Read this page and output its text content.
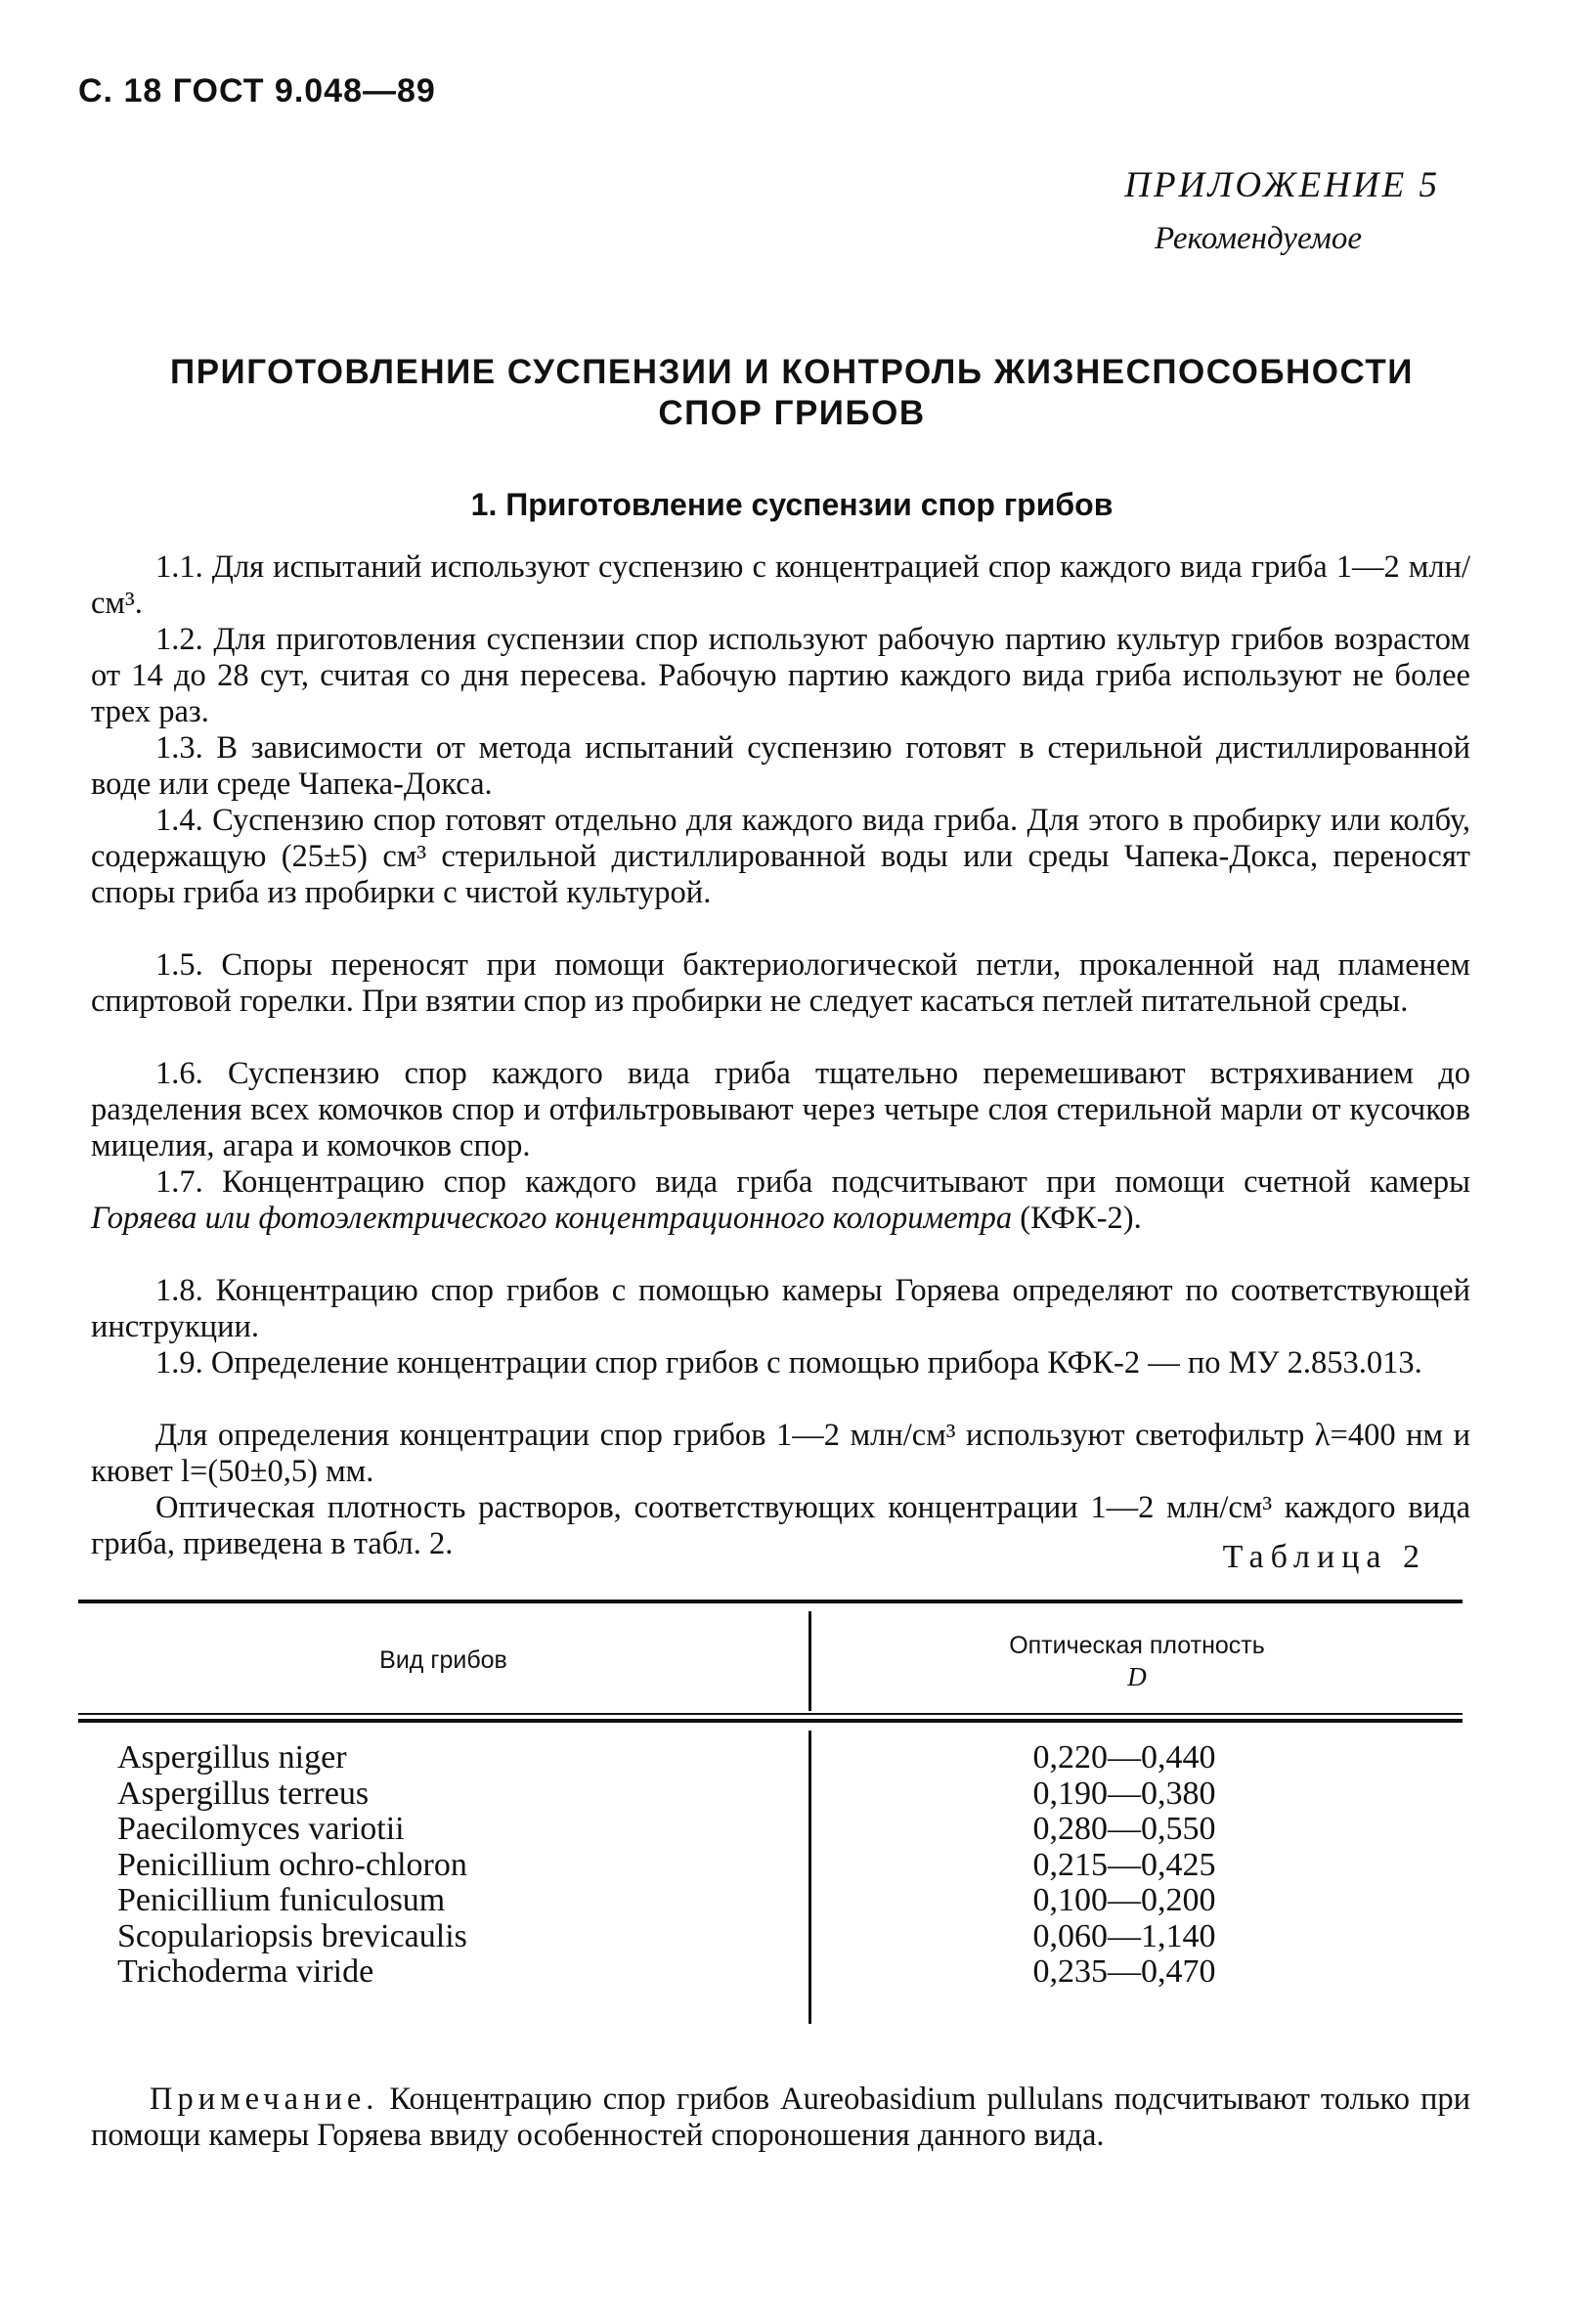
С. 18 ГОСТ 9.048—89
ПРИЛОЖЕНИЕ 5
Рекомендуемое
ПРИГОТОВЛЕНИЕ СУСПЕНЗИИ И КОНТРОЛЬ ЖИЗНЕСПОСОБНОСТИ
СПОР ГРИБОВ
1. Приготовление суспензии спор грибов
1.1. Для испытаний используют суспензию с концентрацией спор каждого вида гриба 1—2 млн/см³.
1.2. Для приготовления суспензии спор используют рабочую партию культур грибов возрастом от 14 до 28 сут, считая со дня пересева. Рабочую партию каждого вида гриба используют не более трех раз.
1.3. В зависимости от метода испытаний суспензию готовят в стерильной дистиллированной воде или среде Чапека-Докса.
1.4. Суспензию спор готовят отдельно для каждого вида гриба. Для этого в пробирку или колбу, содержащую (25±5) см³ стерильной дистиллированной воды или среды Чапека-Докса, переносят споры гриба из пробирки с чистой культурой.
1.5. Споры переносят при помощи бактериологической петли, прокаленной над пламенем спиртовой горелки. При взятии спор из пробирки не следует касаться петлей питательной среды.
1.6. Суспензию спор каждого вида гриба тщательно перемешивают встряхиванием до разделения всех комочков спор и отфильтровывают через четыре слоя стерильной марли от кусочков мицелия, агара и комочков спор.
1.7. Концентрацию спор каждого вида гриба подсчитывают при помощи счетной камеры Горяева или фотоэлектрического концентрационного колориметра (КФК-2).
1.8. Концентрацию спор грибов с помощью камеры Горяева определяют по соответствующей инструкции.
1.9. Определение концентрации спор грибов с помощью прибора КФК-2 — по МУ 2.853.013.
Для определения концентрации спор грибов 1—2 млн/см³ используют светофильтр λ=400 нм и кювет l=(50±0,5) мм.
Оптическая плотность растворов, соответствующих концентрации 1—2 млн/см³ каждого вида гриба, приведена в табл. 2.	Таблица 2
Вид грибов
Оптическая плотность
D
Aspergillus niger	0,220—0,440
Aspergillus terreus	0,190—0,380
Paecilomyces variotii	0,280—0,550
Penicillium ochro-chloron	0,215—0,425
Penicillium funiculosum	0,100—0,200
Scopulariopsis brevicaulis	0,060—1,140
Trichoderma viride	0,235—0,470
Примечание. Концентрацию спор грибов Aureobasidium pullulans подсчитывают только при помощи камеры Горяева ввиду особенностей спороношения данного вида.
